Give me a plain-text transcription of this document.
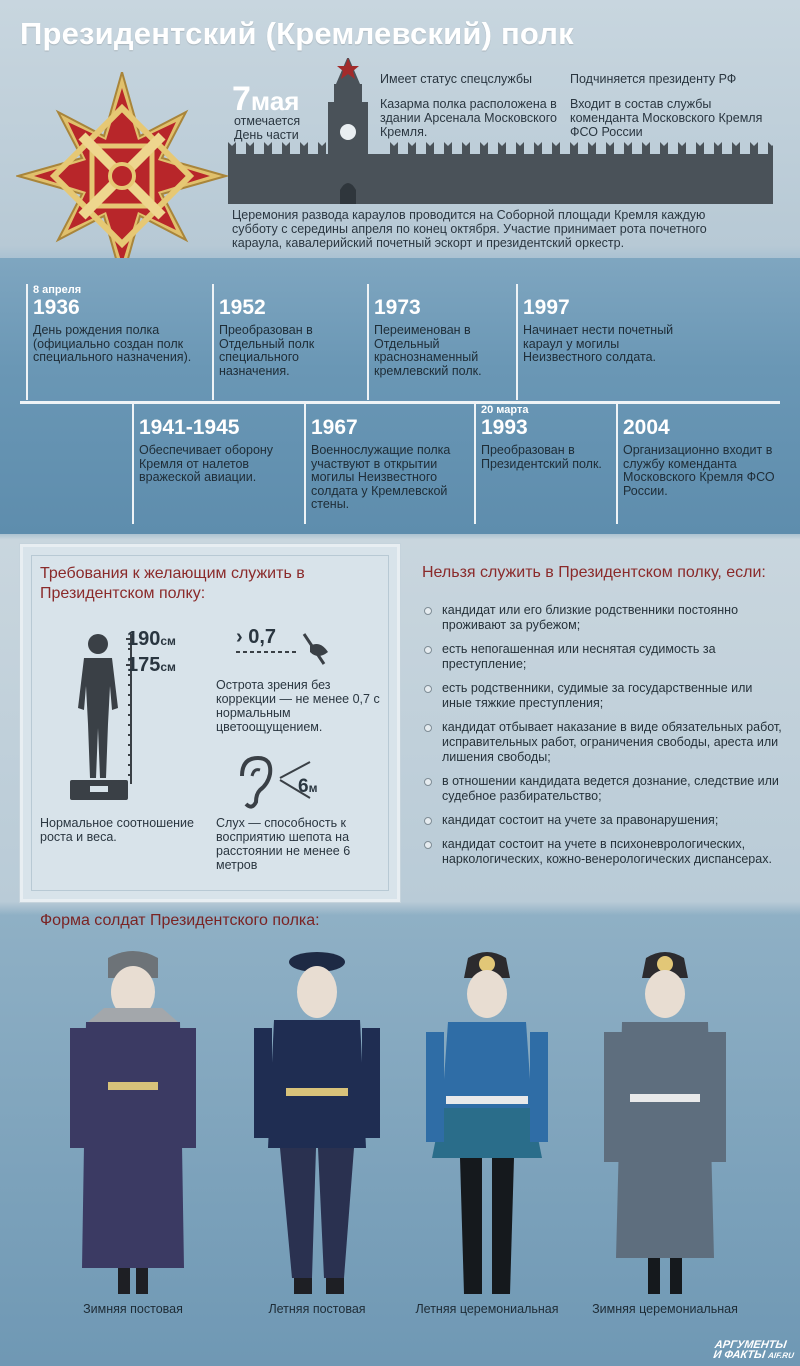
Президентский (Кремлевский) полк
7мая
отмечается
День части
Имеет статус спецслужбы
Казарма полка расположена в здании Арсенала Московского Кремля.
Подчиняется президенту РФ
Входит в состав службы коменданта Московского Кремля ФСО России
Церемония развода караулов проводится на Соборной площади Кремля каждую субботу с середины апреля по конец октября. Участие принимает рота почетного караула, кавалерийский почетный эскорт и президентский оркестр.
8 апреля
1936
День рождения полка (официально создан полк специального назначения).
1952
Преобразован в Отдельный полк специального назначения.
1973
Переименован в Отдельный краснознаменный кремлевский полк.
1997
Начинает нести почетный караул у могилы Неизвестного солдата.
1941-1945
Обеспечивает оборону Кремля от налетов вражеской авиации.
1967
Военнослужащие полка участвуют в открытии могилы Неизвестного солдата у Кремлевской стены.
20 марта
1993
Преобразован в Президентский полк.
2004
Организационно входит в службу коменданта Московского Кремля ФСО России.
Требования к желающим служить в Президентском полку:
190см
175см
Нормальное соотношение роста и веса.
› 0,7
Острота зрения без коррекции — не менее 0,7 с нормальным цветоощущением.
6м
Слух — способность к восприятию шепота на расстоянии не менее 6 метров
Нельзя служить в Президентском полку, если:
кандидат или его близкие родственники постоянно проживают за рубежом;
есть непогашенная или неснятая судимость за преступление;
есть родственники, судимые за государственные или иные тяжкие преступления;
кандидат отбывает наказание в виде обязательных работ, исправительных работ, ограничения свободы, ареста или лишения свободы;
в отношении кандидата ведется дознание, следствие или судебное разбирательство;
кандидат состоит на учете за правонарушения;
кандидат состоит на учете в психоневрологических, наркологических, кожно-венерологических диспансерах.
Форма солдат Президентского полка:
Зимняя постовая	Летняя постовая	Летняя церемониальная	Зимняя церемониальная
АРГУМЕНТЫ
И ФАКТЫ AIF.RU
